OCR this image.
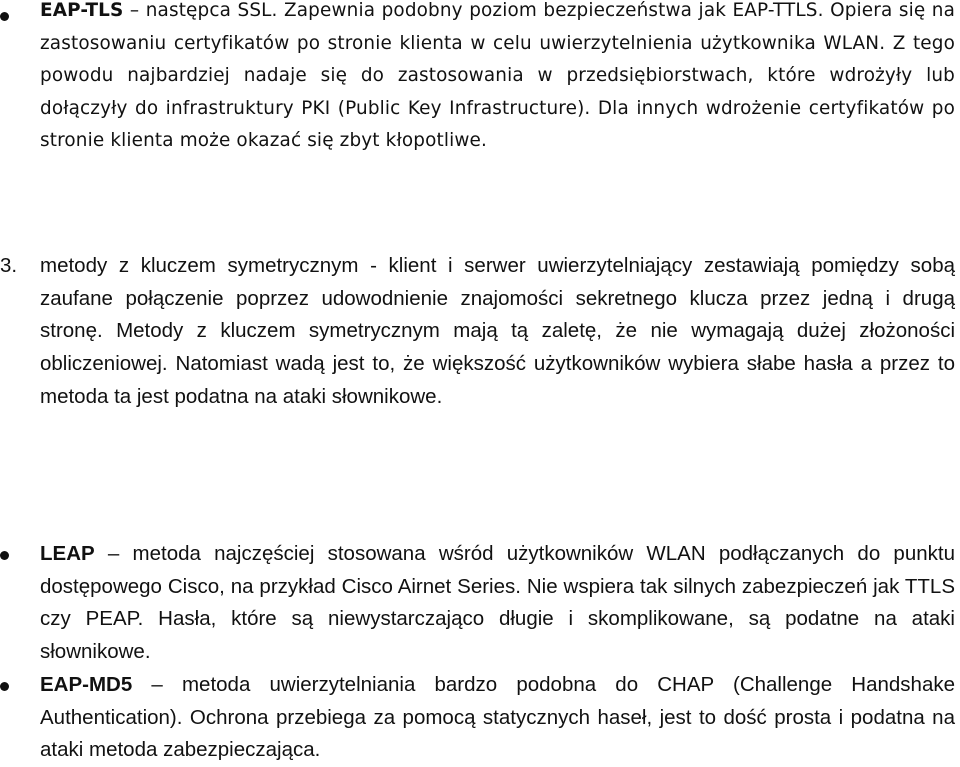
EAP-TLS – następca SSL. Zapewnia podobny poziom bezpieczeństwa jak EAP-TTLS. Opiera się na zastosowaniu certyfikatów po stronie klienta w celu uwierzytelnienia użytkownika WLAN. Z tego powodu najbardziej nadaje się do zastosowania w przedsiębiorstwach, które wdrożyły lub dołączyły do infrastruktury PKI (Public Key Infrastructure). Dla innych wdrożenie certyfikatów po stronie klienta może okazać się zbyt kłopotliwe.

3. metody z kluczem symetrycznym - klient i serwer uwierzytelniający zestawiają pomiędzy sobą zaufane połączenie poprzez udowodnienie znajomości sekretnego klucza przez jedną i drugą stronę. Metody z kluczem symetrycznym mają tą zaletę, że nie wymagają dużej złożoności obliczeniowej. Natomiast wadą jest to, że większość użytkowników wybiera słabe hasła a przez to metoda ta jest podatna na ataki słownikowe.

LEAP – metoda najczęściej stosowana wśród użytkowników WLAN podłączanych do punktu dostępowego Cisco, na przykład Cisco Airnet Series. Nie wspiera tak silnych zabezpieczeń jak TTLS czy PEAP. Hasła, które są niewystarczająco długie i skomplikowane, są podatne na ataki słownikowe.

EAP-MD5 – metoda uwierzytelniania bardzo podobna do CHAP (Challenge Handshake Authentication). Ochrona przebiega za pomocą statycznych haseł, jest to dość prosta i podatna na ataki metoda zabezpieczająca.
